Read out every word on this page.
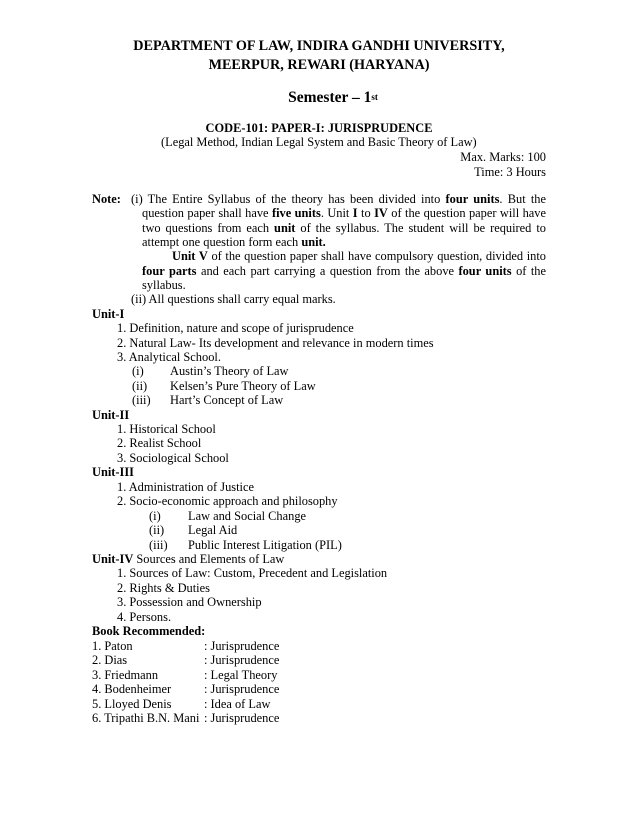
DEPARTMENT OF LAW, INDIRA GANDHI UNIVERSITY,
MEERPUR, REWARI (HARYANA)
Semester – 1st
CODE-101: PAPER-I: JURISPRUDENCE
(Legal Method, Indian Legal System and Basic Theory of Law)
Max. Marks: 100
Time: 3 Hours
Note: (i) The Entire Syllabus of the theory has been divided into four units. But the
question paper shall have five units. Unit I to IV of the question paper will have
two questions from each unit of the syllabus. The student will be required to
attempt one question form each unit.
Unit V of the question paper shall have compulsory question, divided into
four parts and each part carrying a question from the above four units of the
syllabus.
(ii) All questions shall carry equal marks.
Unit-I
1. Definition, nature and scope of jurisprudence
2. Natural Law- Its development and relevance in modern times
3. Analytical School.
(i) Austin’s Theory of Law
(ii) Kelsen’s Pure Theory of Law
(iii) Hart’s Concept of Law
Unit-II
1. Historical School
2. Realist School
3. Sociological School
Unit-III
1. Administration of Justice
2. Socio-economic approach and philosophy
(i) Law and Social Change
(ii) Legal Aid
(iii) Public Interest Litigation (PIL)
Unit-IV Sources and Elements of Law
1. Sources of Law: Custom, Precedent and Legislation
2. Rights & Duties
3. Possession and Ownership
4. Persons.
Book Recommended:
1. Paton	: Jurisprudence
2. Dias	: Jurisprudence
3. Friedmann	: Legal Theory
4. Bodenheimer	: Jurisprudence
5. Lloyed Denis	: Idea of Law
6. Tripathi B.N. Mani : Jurisprudence
